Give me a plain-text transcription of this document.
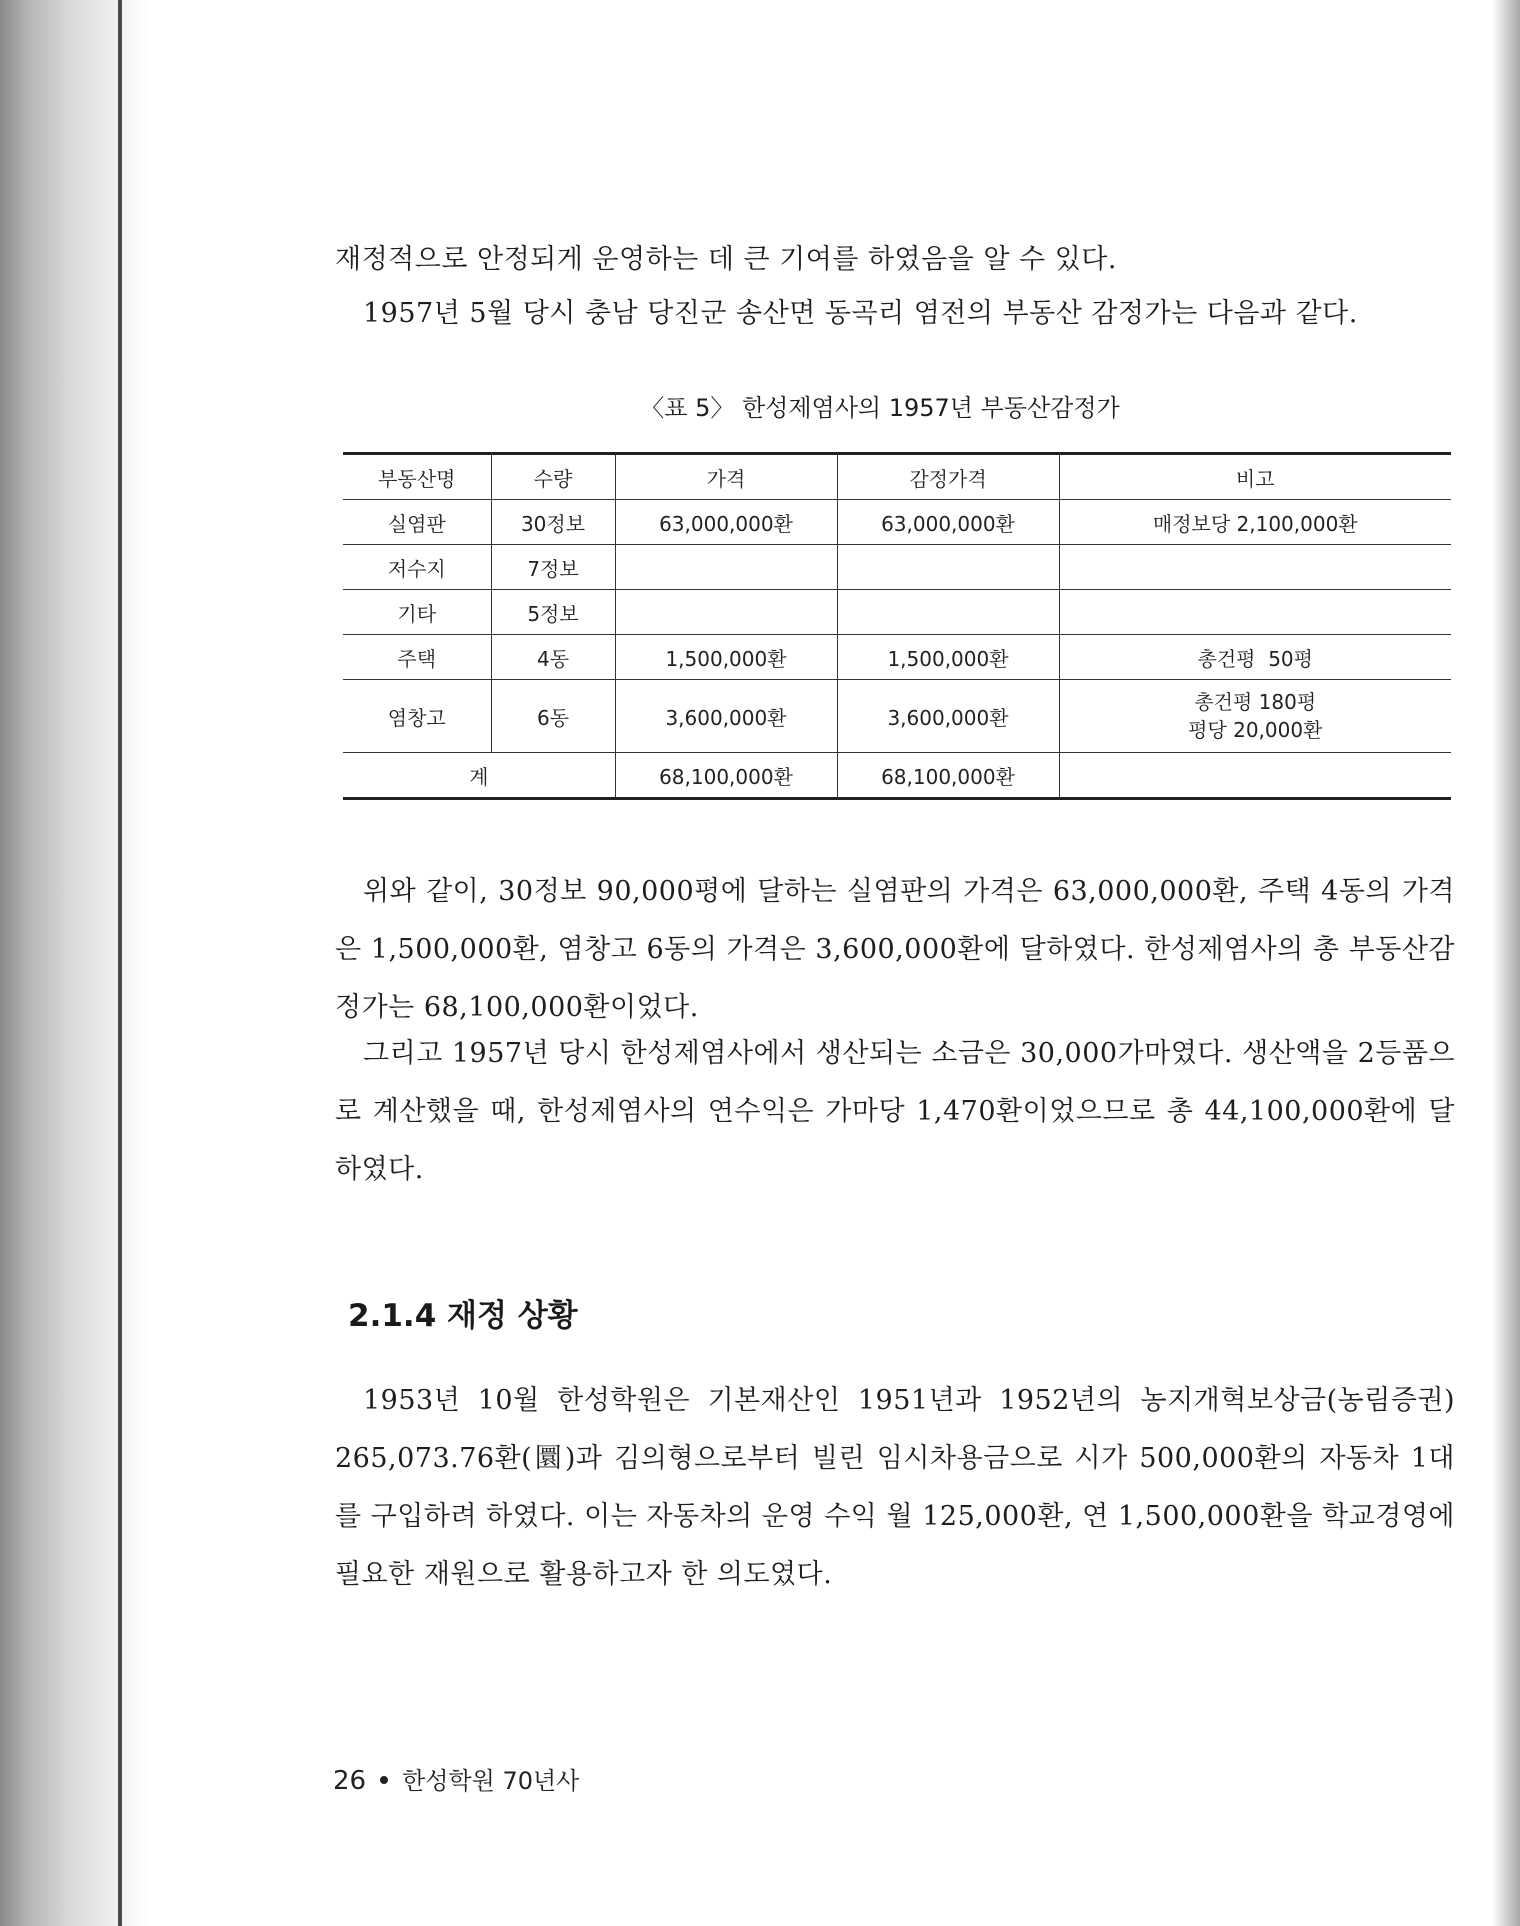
재정적으로 안정되게 운영하는 데 큰 기여를 하였음을 알 수 있다.

1957년 5월 당시 충남 당진군 송산면 동곡리 염전의 부동산 감정가는 다음과 같다.

〈표 5〉 한성제염사의 1957년 부동산감정가
부동산명	수량	가격	감정가격	비고
실염판	30정보	63,000,000환	63,000,000환	매정보당 2,100,000환
저수지	7정보			
기타	5정보			
주택	4동	1,500,000환	1,500,000환	총건평  50평
염창고	6동	3,600,000환	3,600,000환	총건평 180평
평당 20,000환

계		68,100,000환	68,100,000환	

위와 같이, 30정보 90,000평에 달하는 실염판의 가격은 63,000,000환, 주택 4동의 가격은 1,500,000환, 염창고 6동의 가격은 3,600,000환에 달하였다. 한성제염사의 총 부동산감정가는 68,100,000환이었다.

그리고 1957년 당시 한성제염사에서 생산되는 소금은 30,000가마였다. 생산액을 2등품으로 계산했을 때, 한성제염사의 연수익은 가마당 1,470환이었으므로 총 44,100,000환에 달하였다.

2.1.4 재정 상황

1953년 10월 한성학원은 기본재산인 1951년과 1952년의 농지개혁보상금(농림증권) 265,073.76환(圜)과 김의형으로부터 빌린 임시차용금으로 시가 500,000환의 자동차 1대를 구입하려 하였다. 이는 자동차의 운영 수익 월 125,000환, 연 1,500,000환을 학교경영에 필요한 재원으로 활용하고자 한 의도였다.

26 한성학원 70년사
